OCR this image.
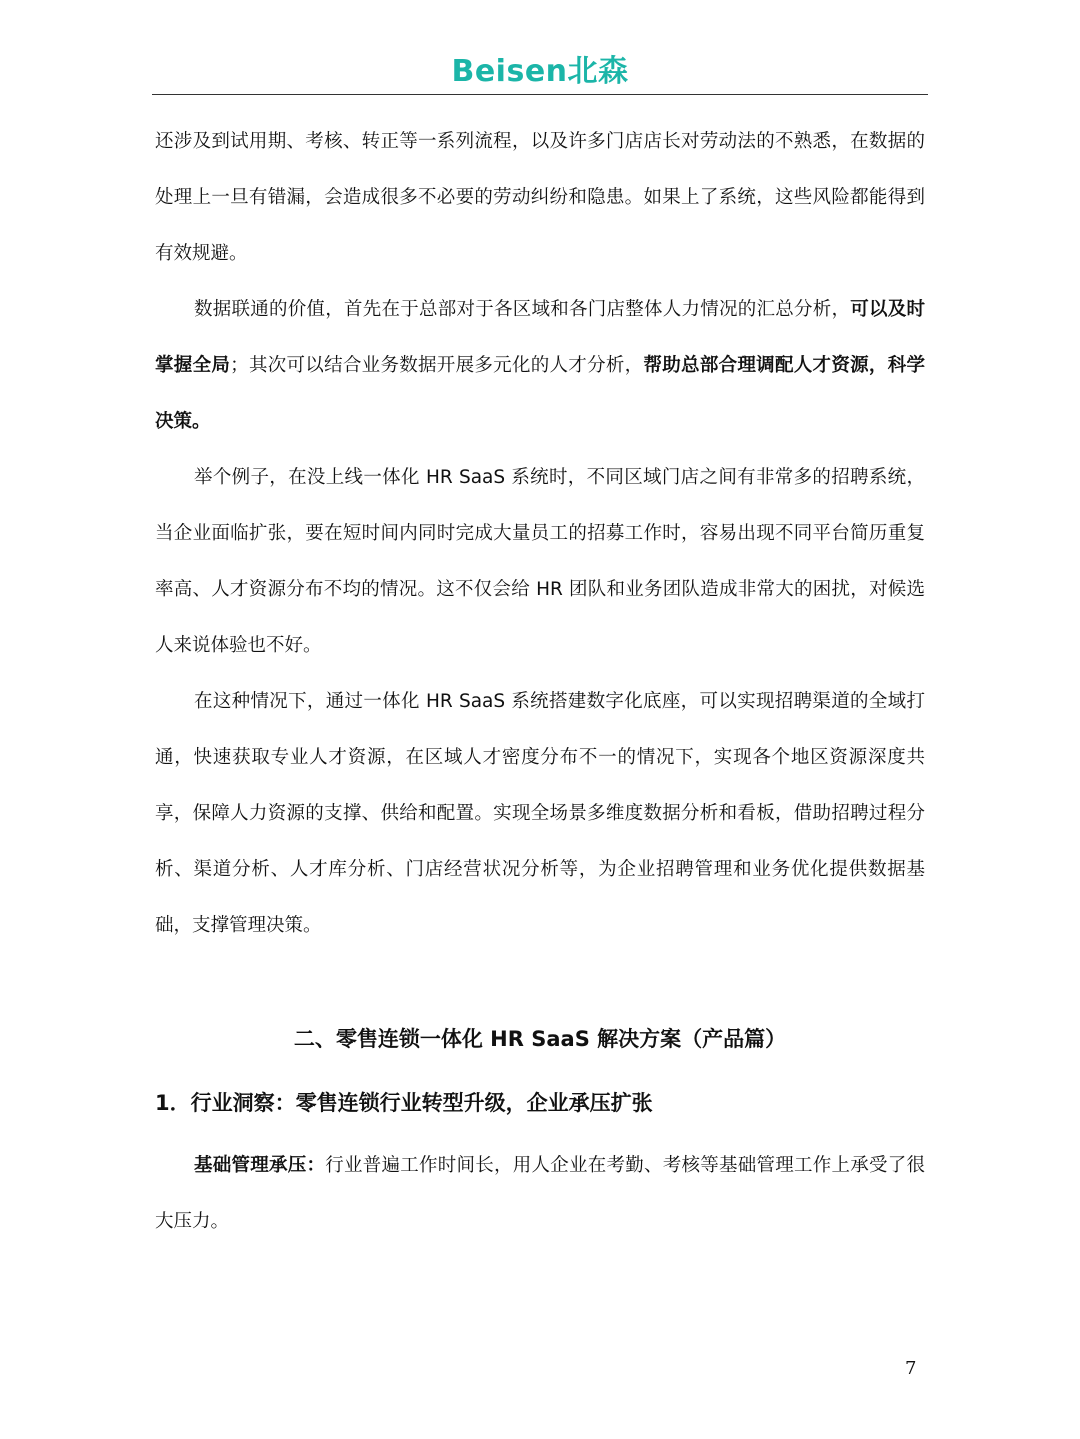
Beisen北森

还涉及到试用期、考核、转正等一系列流程，以及许多门店店长对劳动法的不熟悉，在数据的处理上一旦有错漏，会造成很多不必要的劳动纠纷和隐患。如果上了系统，这些风险都能得到有效规避。

数据联通的价值，首先在于总部对于各区域和各门店整体人力情况的汇总分析，可以及时掌握全局；其次可以结合业务数据开展多元化的人才分析，帮助总部合理调配人才资源，科学决策。

举个例子，在没上线一体化 HR SaaS 系统时，不同区域门店之间有非常多的招聘系统，当企业面临扩张，要在短时间内同时完成大量员工的招募工作时，容易出现不同平台简历重复率高、人才资源分布不均的情况。这不仅会给 HR 团队和业务团队造成非常大的困扰，对候选人来说体验也不好。

在这种情况下，通过一体化 HR SaaS 系统搭建数字化底座，可以实现招聘渠道的全域打通，快速获取专业人才资源，在区域人才密度分布不一的情况下，实现各个地区资源深度共享，保障人力资源的支撑、供给和配置。实现全场景多维度数据分析和看板，借助招聘过程分析、渠道分析、人才库分析、门店经营状况分析等，为企业招聘管理和业务优化提供数据基础，支撑管理决策。

二、零售连锁一体化 HR SaaS 解决方案（产品篇）
1．行业洞察：零售连锁行业转型升级，企业承压扩张

基础管理承压：行业普遍工作时间长，用人企业在考勤、考核等基础管理工作上承受了很大压力。

7
